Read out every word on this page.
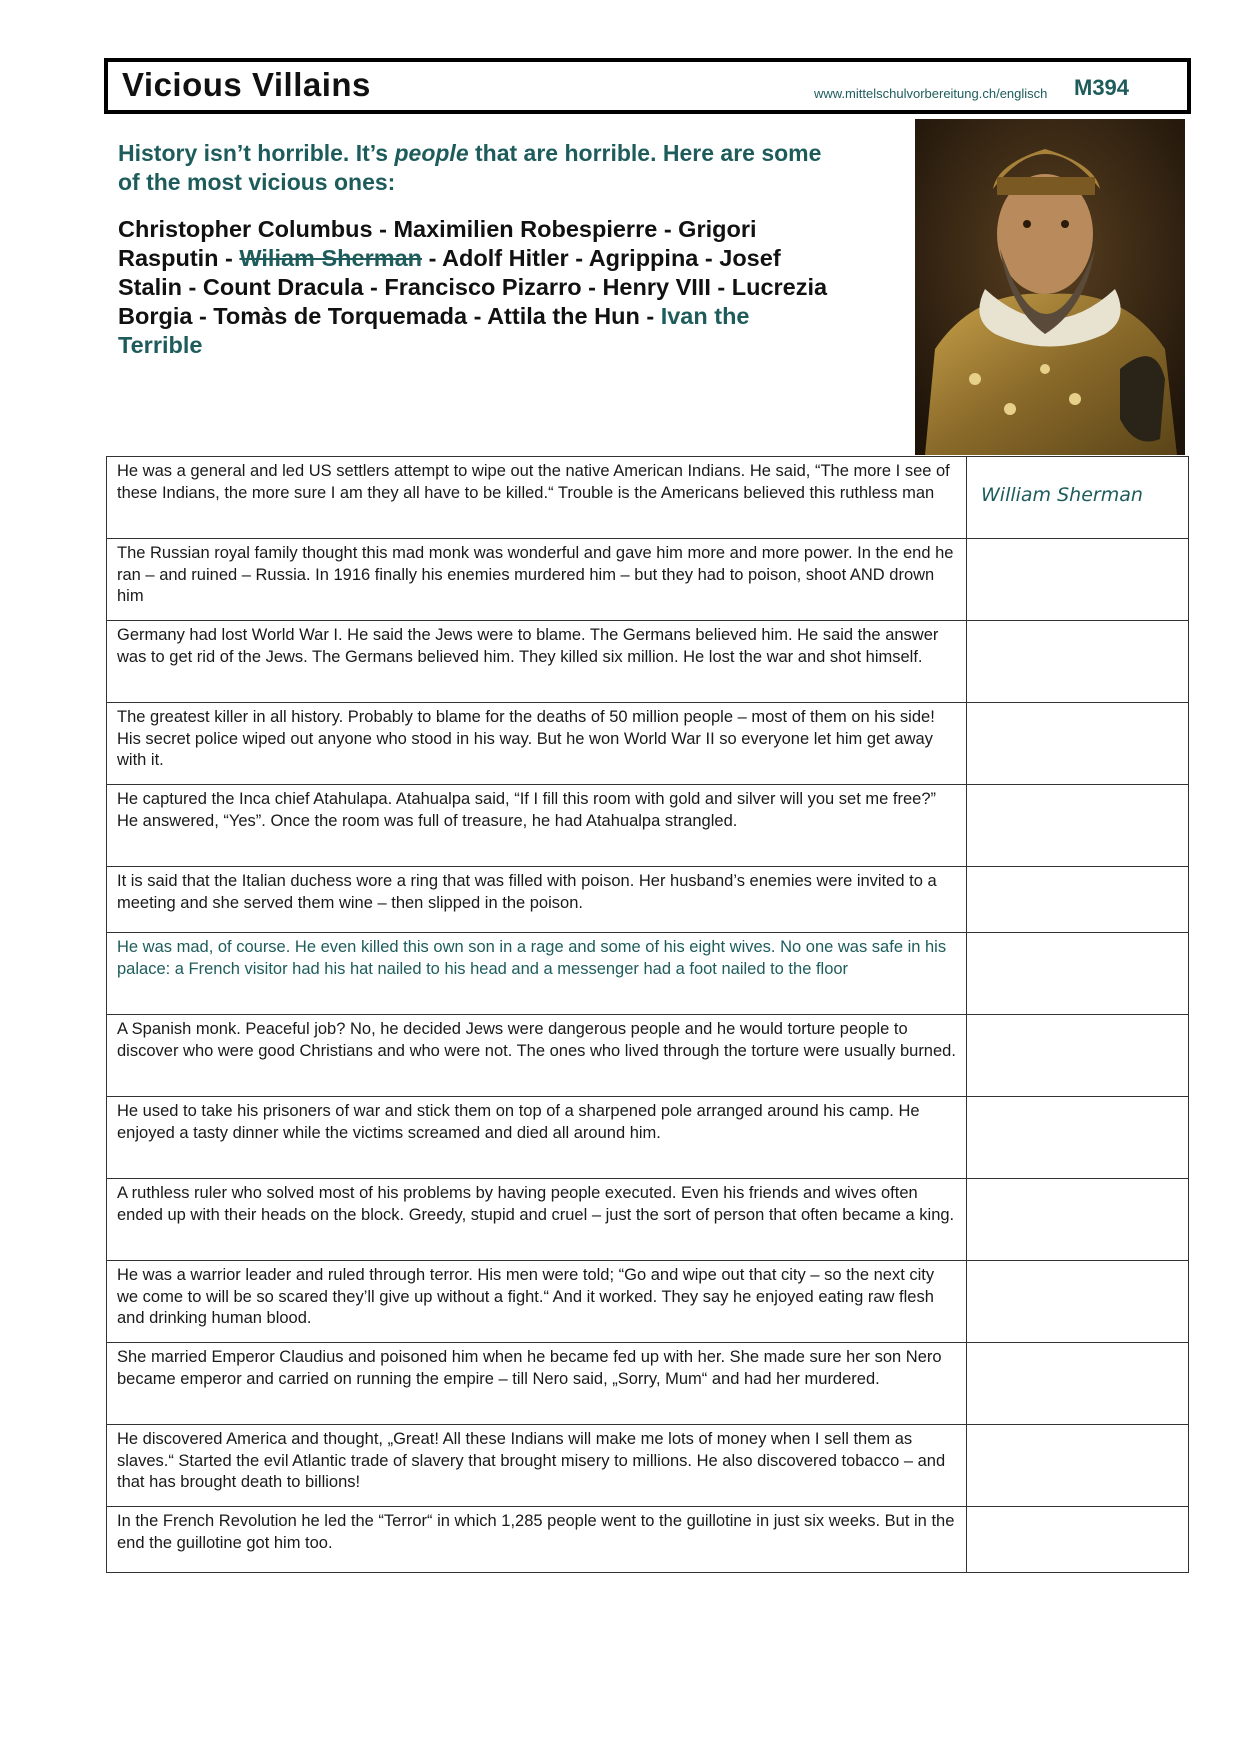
Vicious Villains	www.mittelschulvorbereitung.ch/englisch M394
History isn’t horrible. It’s people that are horrible. Here are some of the most vicious ones:
Christopher Columbus - Maximilien Robespierre - Grigori Rasputin - Wiliam Sherman - Adolf Hitler - Agrippina - Josef Stalin - Count Dracula - Francisco Pizarro - Henry VIII - Lucrezia Borgia - Tomàs de Torquemada - Attila the Hun - Ivan the Terrible
He was a general and led US settlers attempt to wipe out the native American Indians. He said, “The more I see of these Indians, the more sure I am they all have to be killed.“ Trouble is the Americans believed this ruthless man	William Sherman

The Russian royal family thought this mad monk was wonderful and gave him more and more power. In the end he ran – and ruined – Russia. In 1916 finally his enemies murdered him – but they had to poison, shoot AND drown him	
Germany had lost World War I. He said the Jews were to blame. The Germans believed him. He said the answer was to get rid of the Jews. The Germans believed him. They killed six million. He lost the war and shot himself.	
The greatest killer in all history. Probably to blame for the deaths of 50 million people – most of them on his side! His secret police wiped out anyone who stood in his way. But he won World War II so everyone let him get away with it.	
He captured the Inca chief Atahulapa. Atahualpa said, “If I fill this room with gold and silver will you set me free?” He answered, “Yes”. Once the room was full of treasure, he had Atahualpa strangled.	
It is said that the Italian duchess wore a ring that was filled with poison. Her husband’s enemies were invited to a meeting and she served them wine – then slipped in the poison.	
He was mad, of course. He even killed this own son in a rage and some of his eight wives. No one was safe in his palace: a French visitor had his hat nailed to his head and a messenger had a foot nailed to the floor	
A Spanish monk. Peaceful job? No, he decided Jews were dangerous people and he would torture people to discover who were good Christians and who were not. The ones who lived through the torture were usually burned.	
He used to take his prisoners of war and stick them on top of a sharpened pole arranged around his camp. He enjoyed a tasty dinner while the victims screamed and died all around him.	
A ruthless ruler who solved most of his problems by having people executed. Even his friends and wives often ended up with their heads on the block. Greedy, stupid and cruel – just the sort of person that often became a king.	
He was a warrior leader and ruled through terror. His men were told; “Go and wipe out that city – so the next city we come to will be so scared they’ll give up without a fight.“ And it worked. They say he enjoyed eating raw flesh and drinking human blood.	
She married Emperor Claudius and poisoned him when he became fed up with her. She made sure her son Nero became emperor and carried on running the empire – till Nero said, „Sorry, Mum“ and had her murdered.	
He discovered America and thought, „Great! All these Indians will make me lots of money when I sell them as slaves.“ Started the evil Atlantic trade of slavery that brought misery to millions. He also discovered tobacco – and that has brought death to billions!	
In the French Revolution he led the “Terror“ in which 1,285 people went to the guillotine in just six weeks. But in the end the guillotine got him too.	
